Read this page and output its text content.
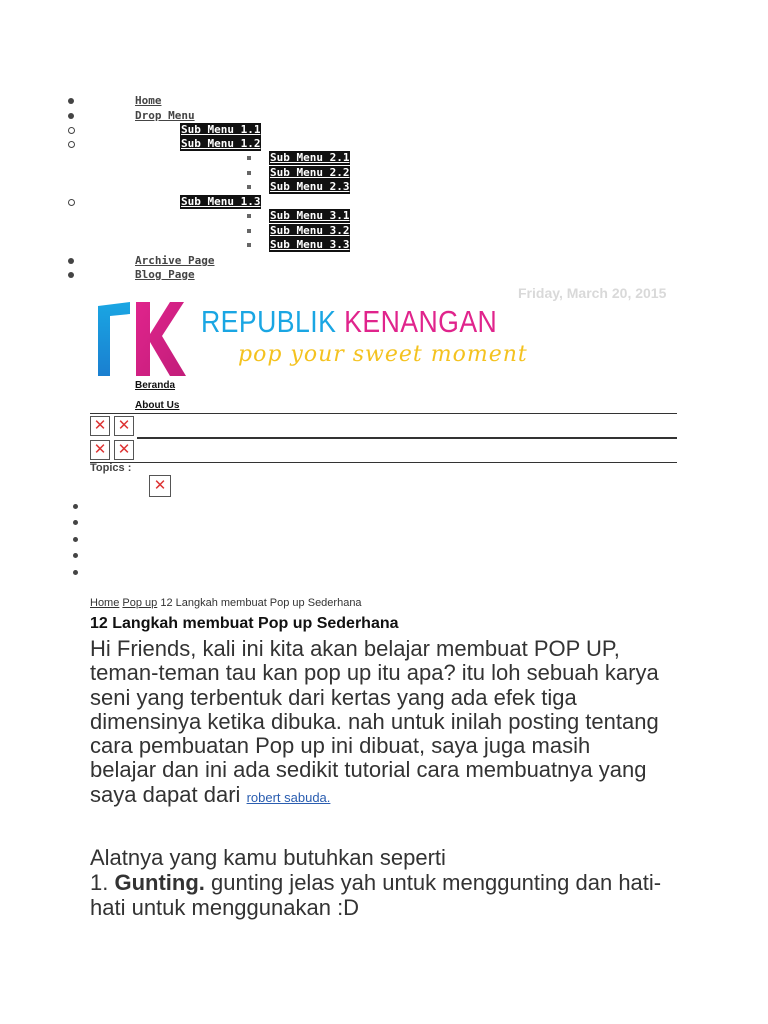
Home
Drop Menu
Sub Menu 1.1
Sub Menu 1.2
Sub Menu 2.1
Sub Menu 2.2
Sub Menu 2.3
Sub Menu 1.3
Sub Menu 3.1
Sub Menu 3.2
Sub Menu 3.3
Archive Page
Blog Page
Friday, March 20, 2015
REPUBLIK KENANGAN
pop your sweet moment
Beranda
About Us
✕ ✕
✕ ✕
Topics :
✕
Home Pop up 12 Langkah membuat Pop up Sederhana
12 Langkah membuat Pop up Sederhana
Hi Friends, kali ini kita akan belajar membuat POP UP,
teman-teman tau kan pop up itu apa? itu loh sebuah karya
seni yang terbentuk dari kertas yang ada efek tiga
dimensinya ketika dibuka. nah untuk inilah posting tentang
cara pembuatan Pop up ini dibuat, saya juga masih
belajar dan ini ada sedikit tutorial cara membuatnya yang
saya dapat dari robert sabuda.
Alatnya yang kamu butuhkan seperti
1. Gunting. gunting jelas yah untuk menggunting dan hati-
hati untuk menggunakan :D
